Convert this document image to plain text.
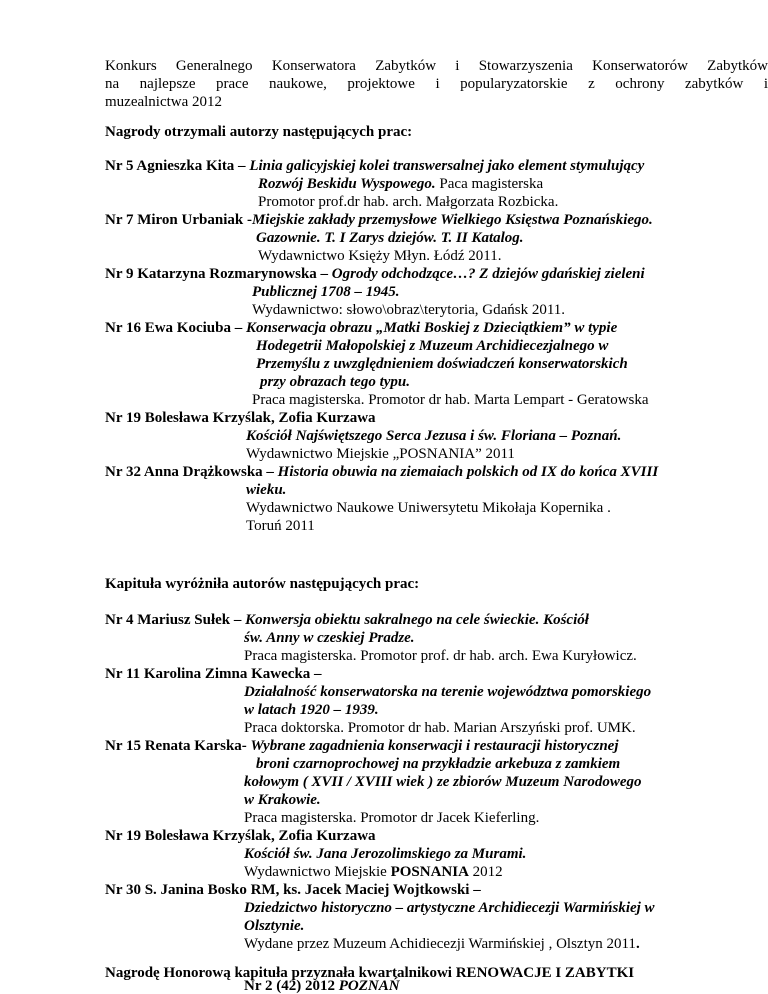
Konkurs Generalnego Konserwatora Zabytków i Stowarzyszenia Konserwatorów Zabytków
na najlepsze prace naukowe, projektowe i popularyzatorskie z ochrony zabytków i
muzealnictwa 2012
Nagrody otrzymali autorzy następujących prac:
Nr 5 Agnieszka Kita – Linia galicyjskiej kolei transwersalnej jako element stymulujący
Rozwój Beskidu Wyspowego. Paca magisterska
Promotor prof.dr hab. arch. Małgorzata Rozbicka.
Nr 7 Miron Urbaniak -Miejskie zakłady przemysłowe Wielkiego Księstwa Poznańskiego.
Gazownie. T. I Zarys dziejów. T. II Katalog.
Wydawnictwo Księży Młyn. Łódź 2011.
Nr 9 Katarzyna Rozmarynowska – Ogrody odchodzące…? Z dziejów gdańskiej zieleni
Publicznej 1708 – 1945.
Wydawnictwo: słowo\obraz\terytoria, Gdańsk 2011.
Nr 16 Ewa Kociuba – Konserwacja obrazu „Matki Boskiej z Dzieciątkiem” w typie
Hodegetrii Małopolskiej z Muzeum Archidiecezjalnego w
Przemyślu z uwzględnieniem doświadczeń konserwatorskich
przy obrazach tego typu.
Praca magisterska. Promotor dr hab. Marta Lempart - Geratowska
Nr 19 Bolesława Krzyślak, Zofia Kurzawa
Kościół Najświętszego Serca Jezusa i św. Floriana – Poznań.
Wydawnictwo Miejskie „POSNANIA” 2011
Nr 32 Anna Drążkowska – Historia obuwia na ziemaiach polskich od IX do końca XVIII
wieku.
Wydawnictwo Naukowe Uniwersytetu Mikołaja Kopernika .
Toruń 2011
Kapituła wyróżniła autorów następujących prac:
Nr 4 Mariusz Sułek – Konwersja obiektu sakralnego na cele świeckie. Kościół
św. Anny w czeskiej Pradze.
Praca magisterska. Promotor prof. dr hab. arch. Ewa Kuryłowicz.
Nr 11 Karolina Zimna Kawecka –
Działalność konserwatorska na terenie województwa pomorskiego
w latach 1920 – 1939.
Praca doktorska. Promotor dr hab. Marian Arszyński prof. UMK.
Nr 15 Renata Karska- Wybrane zagadnienia konserwacji i restauracji historycznej
broni czarnoprochowej na przykładzie arkebuza z zamkiem
kołowym ( XVII / XVIII wiek ) ze zbiorów Muzeum Narodowego
w Krakowie.
Praca magisterska. Promotor dr Jacek Kieferling.
Nr 19 Bolesława Krzyślak, Zofia Kurzawa
Kościół św. Jana Jerozolimskiego za Murami.
Wydawnictwo Miejskie POSNANIA 2012
Nr 30 S. Janina Bosko RM, ks. Jacek Maciej Wojtkowski –
Dziedzictwo historyczno – artystyczne Archidiecezji Warmińskiej w
Olsztynie.
Wydane przez Muzeum Achidiecezji Warmińskiej , Olsztyn 2011.
Nagrodę Honorową kapituła przyznała kwartalnikowi RENOWACJE I ZABYTKI
Nr 2 (42) 2012 POZNAŃ
